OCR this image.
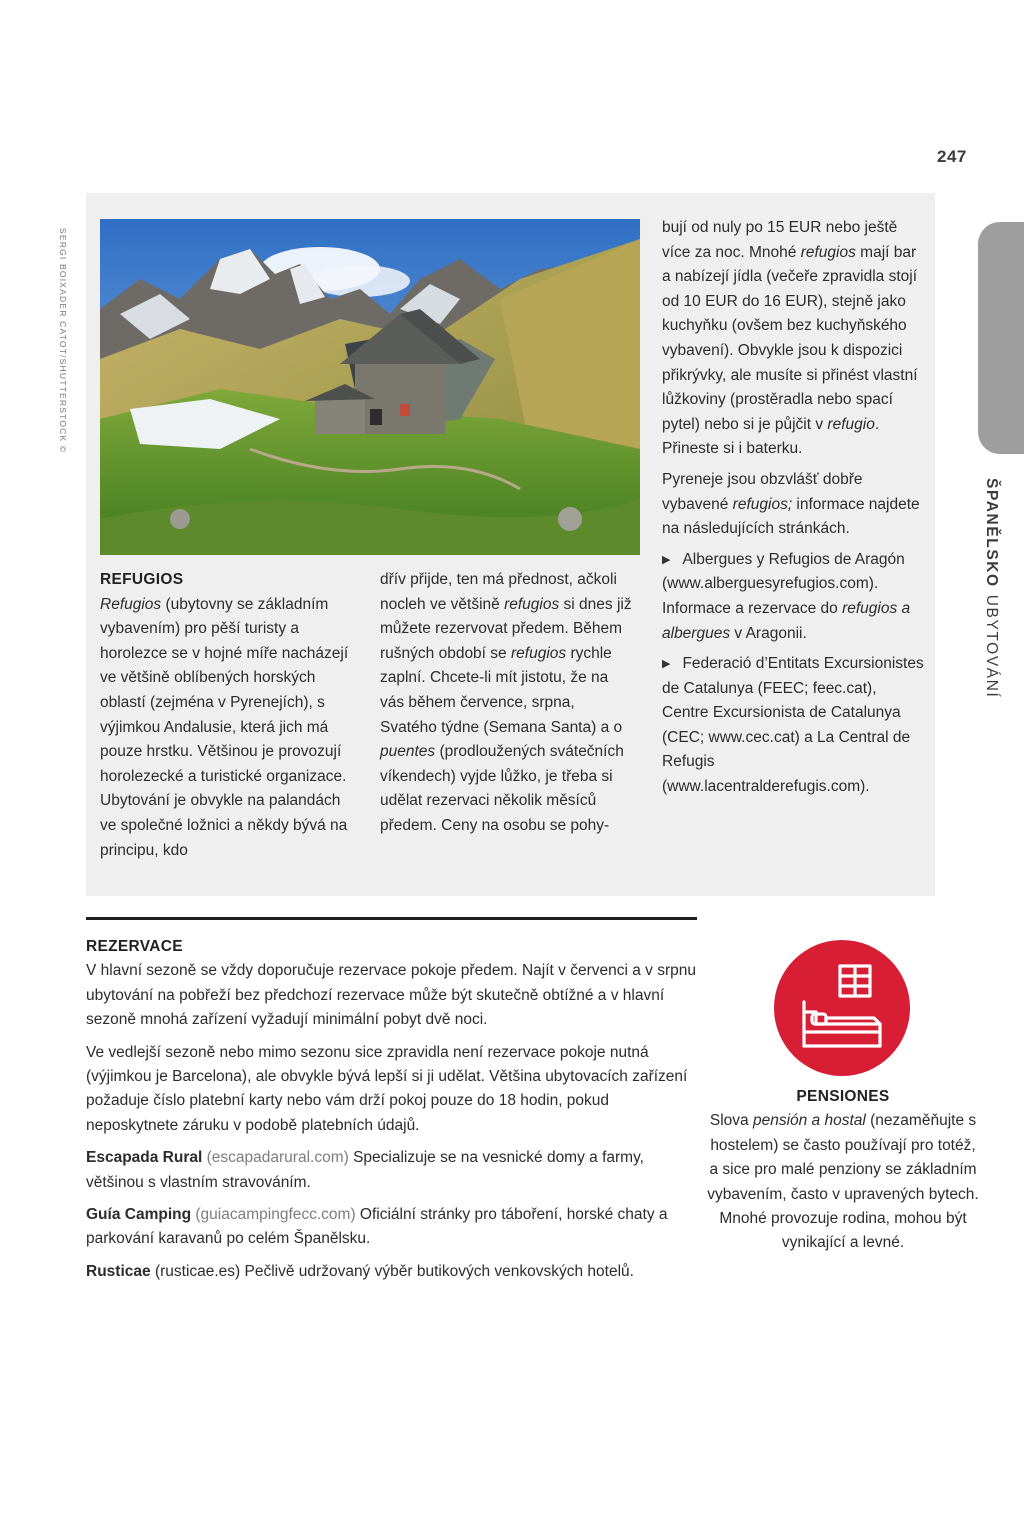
247
ŠPANĚLSKOUBYTOVÁNÍ
SERGI BOIXADER CATOT/SHUTTERSTOCK ©

REFUGIOS

Refugios (ubytovny se základním vybavením) pro pěší turisty a horolezce se v hojné míře nacházejí ve většině oblíbených horských oblastí (zejména v Pyrenejích), s výjimkou Andalusie, která jich má pouze hrstku. Většinou je provozují horolezecké a turistické organizace. Ubytování je obvykle na palandách ve společné ložnici a někdy bývá na principu, kdo

dřív přijde, ten má přednost, ačkoli nocleh ve většině refugios si dnes již můžete rezervovat předem. Během rušných období se refugios rychle zaplní. Chcete-li mít jistotu, že na vás během července, srpna, Svatého týdne (Semana Santa) a o puentes (prodloužených svátečních víkendech) vyjde lůžko, je třeba si udělat rezervaci několik měsíců předem. Ceny na osobu se pohy-

bují od nuly po 15 EUR nebo ještě více za noc. Mnohé refugios mají bar a nabízejí jídla (večeře zpravidla stojí od 10 EUR do 16 EUR), stejně jako kuchyňku (ovšem bez kuchyňského vybavení). Obvykle jsou k dispozici přikrývky, ale musíte si přinést vlastní lůžkoviny (prostěradla nebo spací pytel) nebo si je půjčit v refugio. Přineste si i baterku.

Pyreneje jsou obzvlášť dobře vybavené refugios; informace najdete na následujících stránkách.

▶ Albergues y Refugios de Aragón (www.alberguesyrefugios.com). Informace a rezervace do refugios a albergues v Aragonii.

▶ Federació d’Entitats Excursionistes de Catalunya (FEEC; feec.cat), Centre Excursionista de Catalunya (CEC; www.cec.cat) a La Central de Refugis (www.lacentralderefugis.com).

REZERVACE

V hlavní sezoně se vždy doporučuje rezervace pokoje předem. Najít v červenci a v srpnu ubytování na pobřeží bez předchozí rezervace může být skutečně obtížné a v hlavní sezoně mnohá zařízení vyžadují minimální pobyt dvě noci.

Ve vedlejší sezoně nebo mimo sezonu sice zpravidla není rezervace pokoje nutná (výjimkou je Barcelona), ale obvykle bývá lepší si ji udělat. Většina ubytovacích zařízení požaduje číslo platební karty nebo vám drží pokoj pouze do 18 hodin, pokud neposkytnete záruku v podobě platebních údajů.

Escapada Rural (escapadarural.com) Specializuje se na vesnické domy a farmy, většinou s vlastním stravováním.

Guía Camping (guiacampingfecc.com) Oficiální stránky pro táboření, horské chaty a parkování karavanů po celém Španělsku.

Rusticae (rusticae.es) Pečlivě udržovaný výběr butikových venkovských hotelů.

PENSIONES
Slova pensión a hostal (nezaměňujte s hostelem) se často používají pro totéž, a sice pro malé penziony se základním vybavením, často v upravených bytech. Mnohé provozuje rodina, mohou být vynikající a levné.
